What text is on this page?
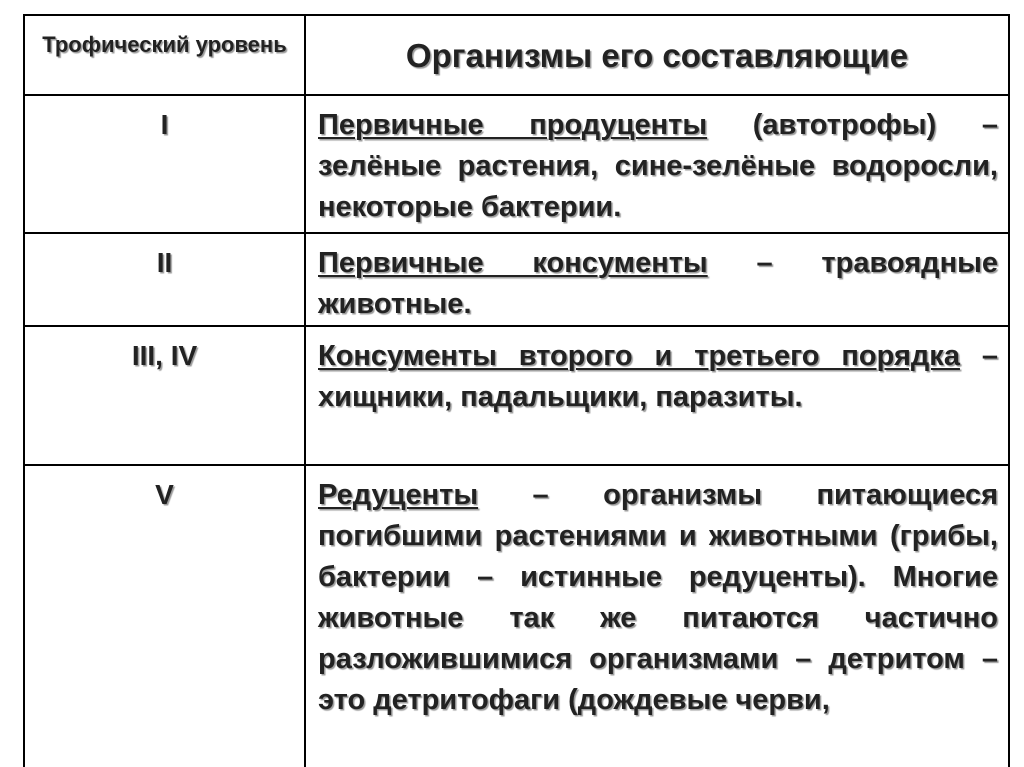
Трофический уровень	Организмы его составляющие
I	Первичные продуценты (автотрофы) – зелёные растения, сине-зелёные водоросли, некоторые бактерии.
II	Первичные консументы – травоядные животные.
III, IV	Консументы второго и третьего порядка – хищники, падальщики, паразиты.
V	Редуценты – организмы питающиеся погибшими растениями и животными (грибы, бактерии – истинные редуценты). Многие животные так же питаются частично разложившимися организмами – детритом – это детритофаги (дождевые черви,
